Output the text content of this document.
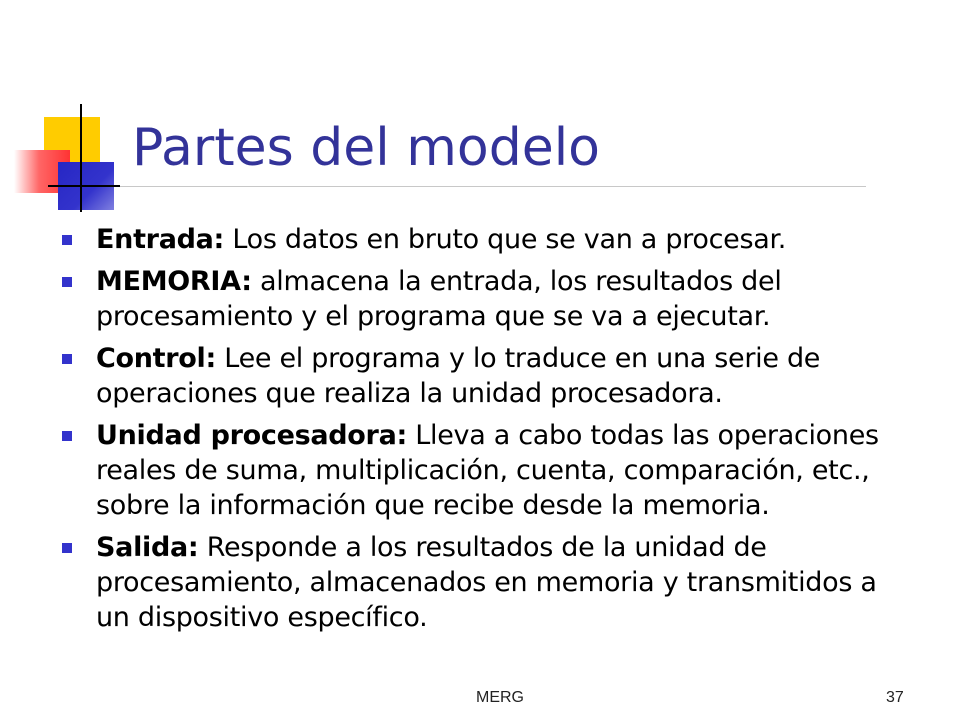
Partes del modelo
Entrada: Los datos en bruto que se van a procesar.
MEMORIA: almacena la entrada, los resultados del procesamiento y el programa que se va a ejecutar.
Control: Lee el programa y lo traduce en una serie de operaciones que realiza la unidad procesadora.
Unidad procesadora: Lleva a cabo todas las operaciones reales de suma, multiplicación, cuenta, comparación, etc., sobre la información que recibe desde la memoria.
Salida: Responde a los resultados de la unidad de procesamiento, almacenados en memoria y transmitidos a un dispositivo específico.
MERG	37
